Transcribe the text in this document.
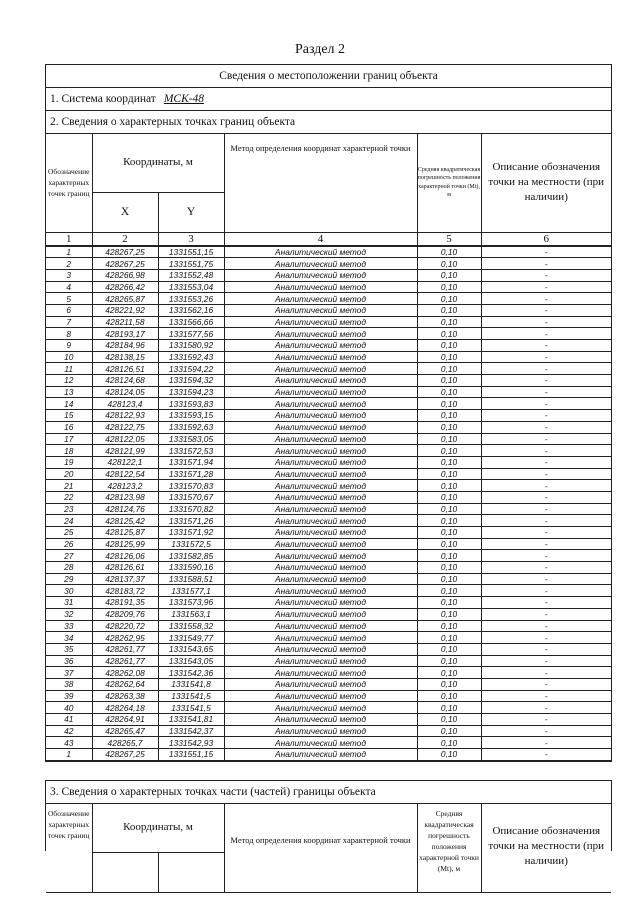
Раздел 2
Сведения о местоположении границ объекта
1. Система координат МСК-48
2. Сведения о характерных точках границ объекта
Обозначение характерных точек границ	Координаты, м		Метод определения координат характерной точки	Средняя квадратическая погрешность положения характерной точки (Mt), м	Описание обозначения точки на местности (при наличии)
	X	Y			
1	2	3	4	5	6
1	428267,25	1331551,15	Аналитический метод	0,10	-
2	428267,25	1331551,75	Аналитический метод	0,10	-
3	428266,98	1331552,48	Аналитический метод	0,10	-
4	428266,42	1331553,04	Аналитический метод	0,10	-
5	428265,87	1331553,26	Аналитический метод	0,10	-
6	428221,92	1331562,16	Аналитический метод	0,10	-
7	428211,58	1331566,66	Аналитический метод	0,10	-
8	428193,17	1331577,56	Аналитический метод	0,10	-
9	428184,96	1331580,92	Аналитический метод	0,10	-
10	428138,15	1331592,43	Аналитический метод	0,10	-
11	428126,51	1331594,22	Аналитический метод	0,10	-
12	428124,68	1331594,32	Аналитический метод	0,10	-
13	428124,05	1331594,23	Аналитический метод	0,10	-
14	428123,4	1331593,83	Аналитический метод	0,10	-
15	428122,93	1331593,15	Аналитический метод	0,10	-
16	428122,75	1331592,63	Аналитический метод	0,10	-
17	428122,05	1331583,05	Аналитический метод	0,10	-
18	428121,99	1331572,53	Аналитический метод	0,10	-
19	428122,1	1331571,94	Аналитический метод	0,10	-
20	428122,54	1331571,28	Аналитический метод	0,10	-
21	428123,2	1331570,83	Аналитический метод	0,10	-
22	428123,98	1331570,67	Аналитический метод	0,10	-
23	428124,76	1331570,82	Аналитический метод	0,10	-
24	428125,42	1331571,26	Аналитический метод	0,10	-
25	428125,87	1331571,92	Аналитический метод	0,10	-
26	428125,99	1331572,5	Аналитический метод	0,10	-
27	428126,06	1331582,85	Аналитический метод	0,10	-
28	428126,61	1331590,16	Аналитический метод	0,10	-
29	428137,37	1331588,51	Аналитический метод	0,10	-
30	428183,72	1331577,1	Аналитический метод	0,10	-
31	428191,35	1331573,96	Аналитический метод	0,10	-
32	428209,76	1331563,1	Аналитический метод	0,10	-
33	428220,72	1331558,32	Аналитический метод	0,10	-
34	428262,95	1331549,77	Аналитический метод	0,10	-
35	428261,77	1331543,65	Аналитический метод	0,10	-
36	428261,77	1331543,05	Аналитический метод	0,10	-
37	428262,08	1331542,36	Аналитический метод	0,10	-
38	428262,64	1331541,8	Аналитический метод	0,10	-
39	428263,38	1331541,5	Аналитический метод	0,10	-
40	428264,18	1331541,5	Аналитический метод	0,10	-
41	428264,91	1331541,81	Аналитический метод	0,10	-
42	428265,47	1331542,37	Аналитический метод	0,10	-
43	428265,7	1331542,93	Аналитический метод	0,10	-
1	428267,25	1331551,15	Аналитический метод	0,10	-
3. Сведения о характерных точках части (частей) границы объекта
Обозначение характерных точек границ	Координаты, м		Метод определения координат характерной точки	Средняя квадратическая погрешность положения характерной точки (Mt), м	Описание обозначения точки на местности (при наличии)
